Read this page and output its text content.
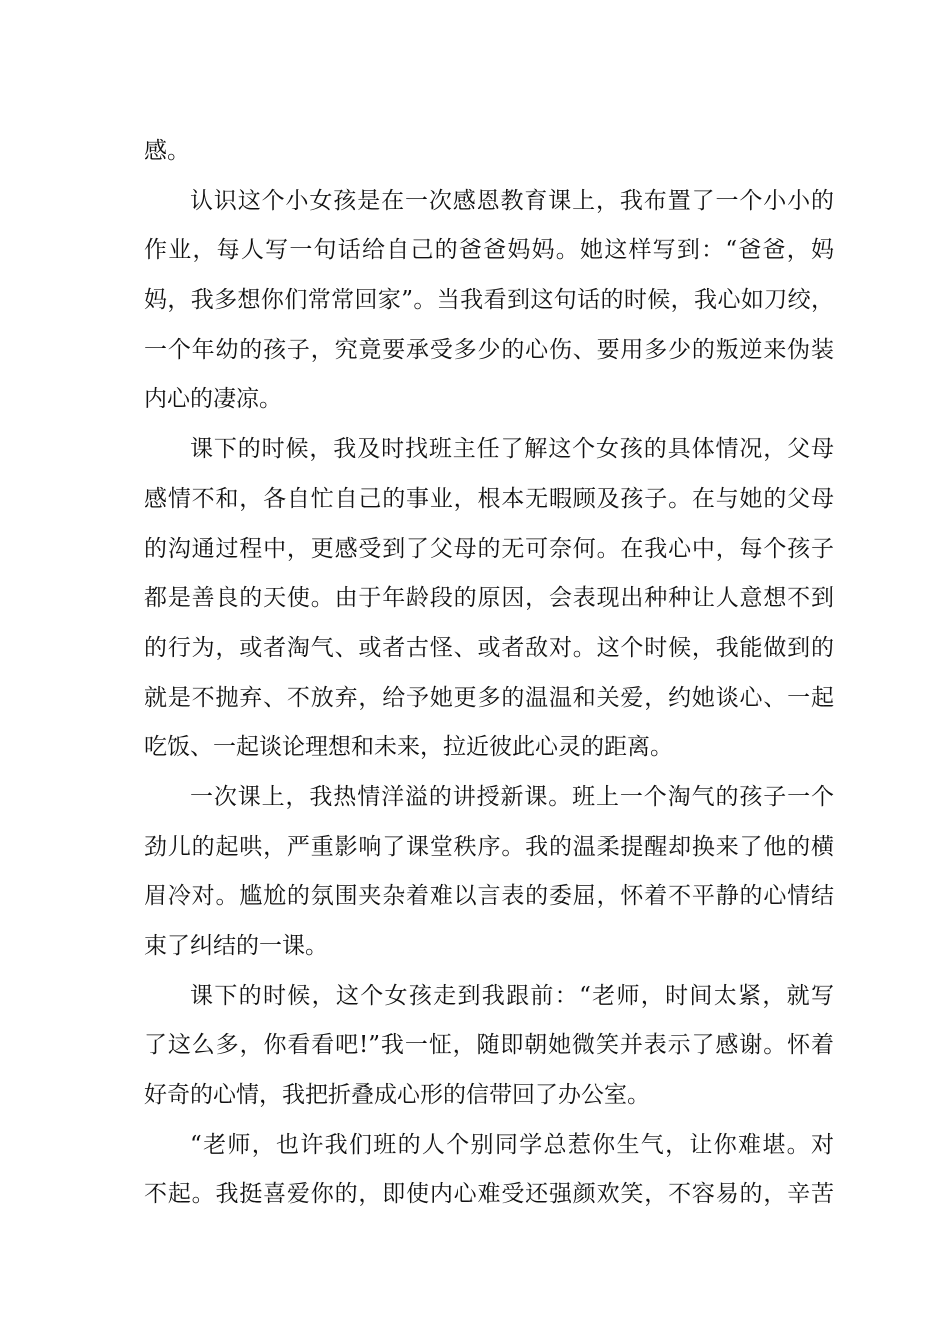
感。
认识这个小女孩是在一次感恩教育课上，我布置了一个小小的
作业，每人写一句话给自己的爸爸妈妈。她这样写到：“爸爸，妈
妈，我多想你们常常回家”。当我看到这句话的时候，我心如刀绞，
一个年幼的孩子，究竟要承受多少的心伤、要用多少的叛逆来伪装
内心的凄凉。
课下的时候，我及时找班主任了解这个女孩的具体情况，父母
感情不和，各自忙自己的事业，根本无暇顾及孩子。在与她的父母
的沟通过程中，更感受到了父母的无可奈何。在我心中，每个孩子
都是善良的天使。由于年龄段的原因，会表现出种种让人意想不到
的行为，或者淘气、或者古怪、或者敌对。这个时候，我能做到的
就是不抛弃、不放弃，给予她更多的温温和关爱，约她谈心、一起
吃饭、一起谈论理想和未来，拉近彼此心灵的距离。
一次课上，我热情洋溢的讲授新课。班上一个淘气的孩子一个
劲儿的起哄，严重影响了课堂秩序。我的温柔提醒却换来了他的横
眉冷对。尴尬的氛围夹杂着难以言表的委屈，怀着不平静的心情结
束了纠结的一课。
课下的时候，这个女孩走到我跟前：“老师，时间太紧，就写
了这么多，你看看吧!”我一怔，随即朝她微笑并表示了感谢。怀着
好奇的心情，我把折叠成心形的信带回了办公室。
“老师，也许我们班的人个别同学总惹你生气，让你难堪。对
不起。我挺喜爱你的，即使内心难受还强颜欢笑，不容易的，辛苦
